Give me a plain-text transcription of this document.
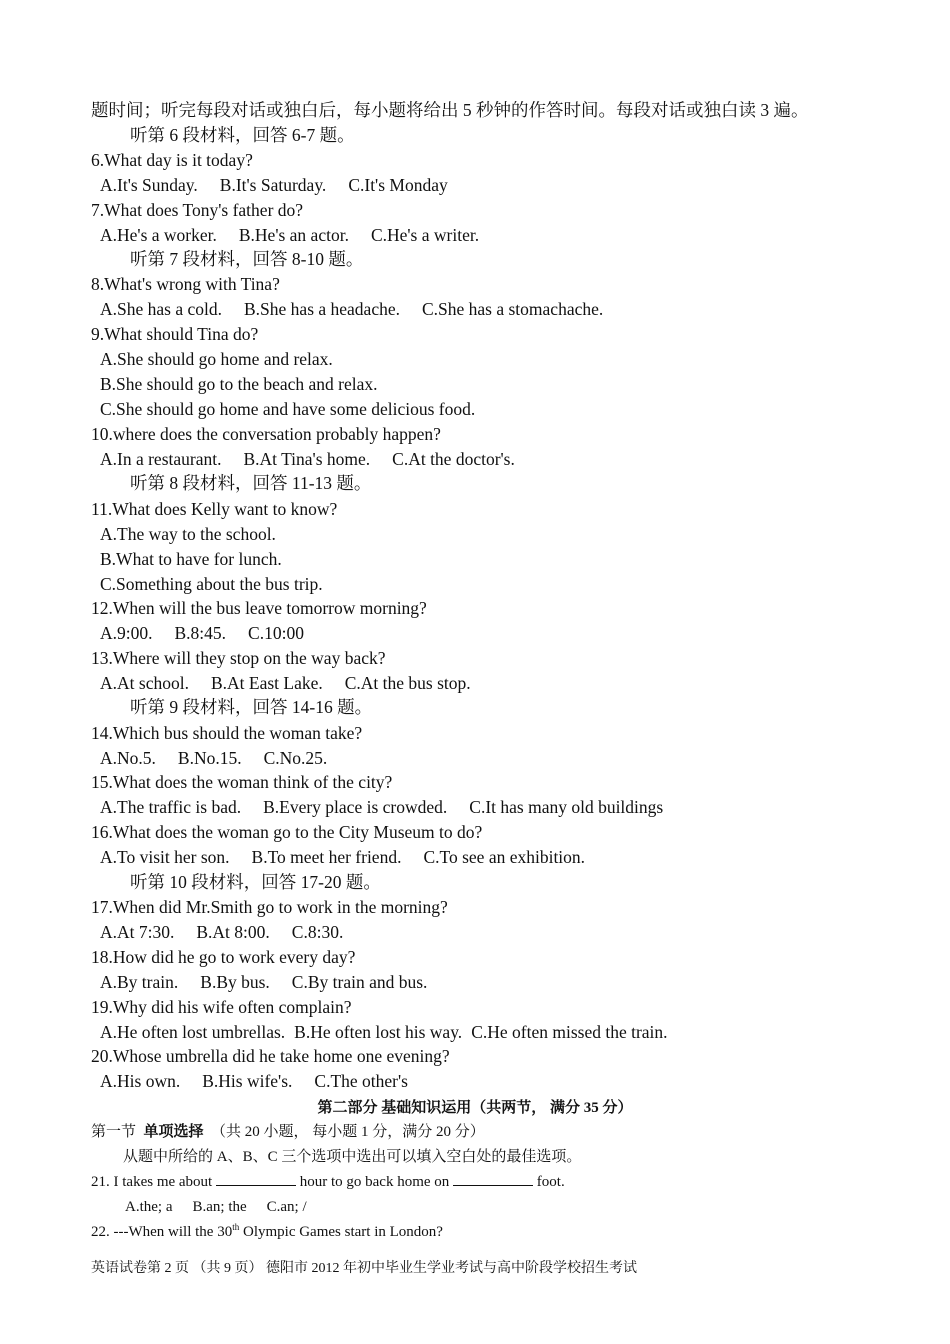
题时间；听完每段对话或独白后，每小题将给出 5 秒钟的作答时间。每段对话或独白读 3 遍。
听第 6 段材料，回答 6-7 题。
6.What day is it today?
A.It's Sunday. B.It's Saturday. C.It's Monday
7.What does Tony's father do?
A.He's a worker. B.He's an actor. C.He's a writer.
听第 7 段材料，回答 8-10 题。
8.What's wrong with Tina?
A.She has a cold. B.She has a headache. C.She has a stomachache.
9.What should Tina do?
A.She should go home and relax.
B.She should go to the beach and relax.
C.She should go home and have some delicious food.
10.where does the conversation probably happen?
A.In a restaurant. B.At Tina's home. C.At the doctor's.
听第 8 段材料，回答 11-13 题。
11.What does Kelly want to know?
A.The way to the school.
B.What to have for lunch.
C.Something about the bus trip.
12.When will the bus leave tomorrow morning?
A.9:00. B.8:45. C.10:00
13.Where will they stop on the way back?
A.At school. B.At East Lake. C.At the bus stop.
听第 9 段材料，回答 14-16 题。
14.Which bus should the woman take?
A.No.5. B.No.15. C.No.25.
15.What does the woman think of the city?
A.The traffic is bad. B.Every place is crowded. C.It has many old buildings
16.What does the woman go to the City Museum to do?
A.To visit her son. B.To meet her friend. C.To see an exhibition.
听第 10 段材料，回答 17-20 题。
17.When did Mr.Smith go to work in the morning?
A.At 7:30. B.At 8:00. C.8:30.
18.How did he go to work every day?
A.By train. B.By bus. C.By train and bus.
19.Why did his wife often complain?
A.He often lost umbrellas. B.He often lost his way. C.He often missed the train.
20.Whose umbrella did he take home one evening?
A.His own. B.His wife's. C.The other's
第二部分 基础知识运用（共两节， 满分 35 分）
第一节 单项选择 （共 20 小题， 每小题 1 分，满分 20 分）
从题中所给的 A、B、C 三个选项中选出可以填入空白处的最佳选项。
21. I takes me about	hour to go back home on	foot.
A.the; a B.an; the C.an; /
22. ---When will the 30th Olympic Games start in London?
英语试卷第 2 页 （共 9 页） 德阳市 2012 年初中毕业生学业考试与高中阶段学校招生考试
